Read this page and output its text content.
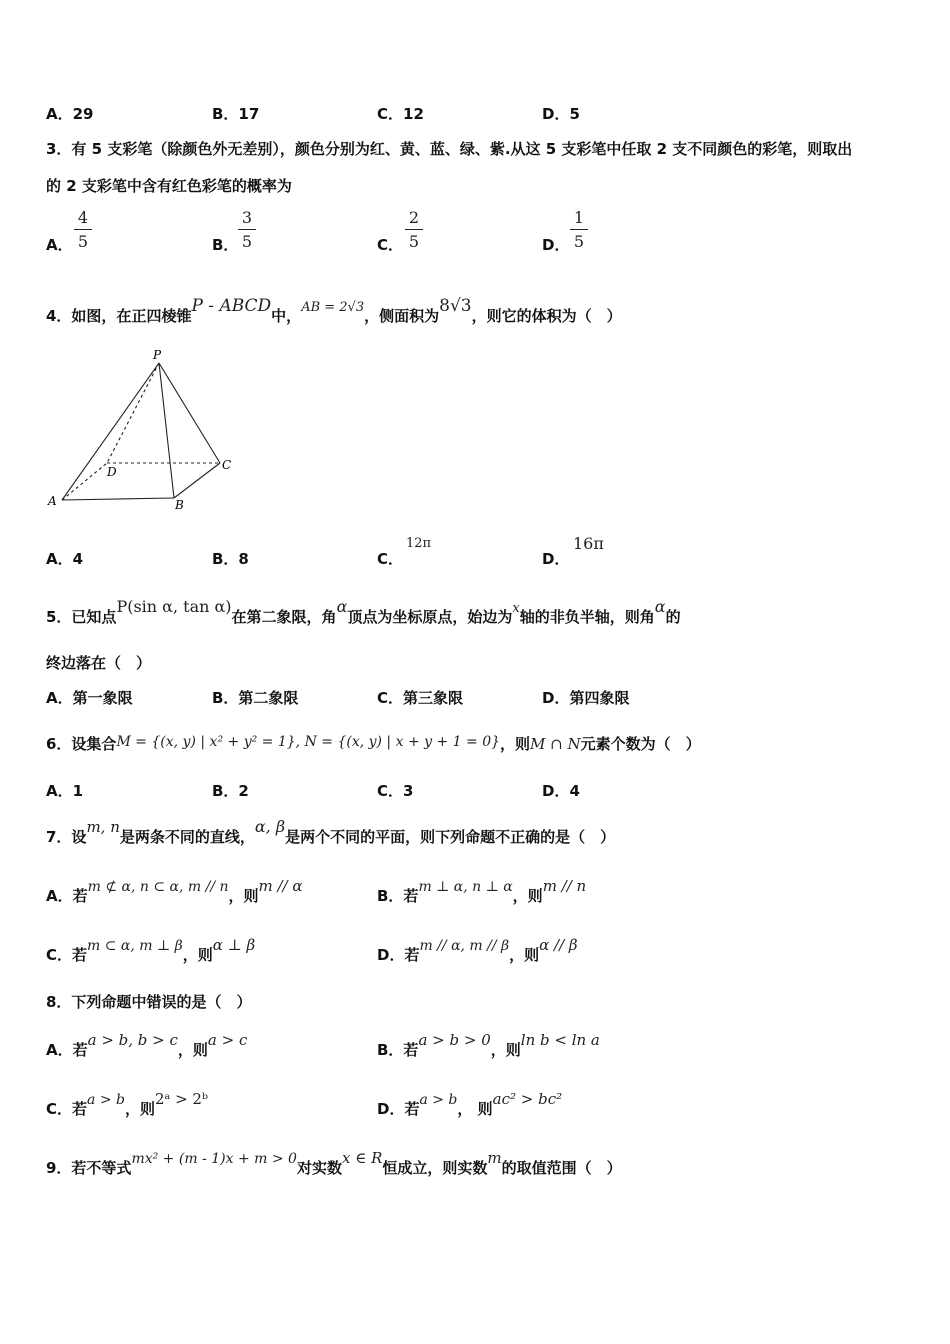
A．29	B．17	C．12	D．5
3．有 5 支彩笔（除颜色外无差别），颜色分别为红、黄、蓝、绿、紫.从这 5 支彩笔中任取 2 支不同颜色的彩笔，则取出
的 2 支彩笔中含有红色彩笔的概率为
A．
4
5	B．
3
5	C．
2
5	D．
1
5
4．如图，在正四棱锥P - ABCD中，AB = 2√3，侧面积为8√3，则它的体积为（　）
P
A	B
C
D
A．4	B．8	C．
12π
D．
16π
5．已知点P(sin α, tan α)在第二象限，角α顶点为坐标原点，始边为x轴的非负半轴，则角α的
终边落在（　）
A．第一象限	B．第二象限	C．第三象限	D．第四象限
6．设集合M = {(x, y) | x² + y² = 1}, N = {(x, y) | x + y + 1 = 0}，则M ∩ N元素个数为（　）
A．1	B．2	C．3	D．4
7．设m, n是两条不同的直线，α, β是两个不同的平面，则下列命题不正确的是（　）
A．若m ⊄ α, n ⊂ α, m // n，则m // α
B．若m ⊥ α, n ⊥ α，则m // n
C．若m ⊂ α, m ⊥ β，则α ⊥ β
D．若m // α, m // β，则α // β
8．下列命题中错误的是（　）
A．若a > b, b > c，则a > c
B．若a > b > 0，则ln b < ln a
C．若a > b，则2ᵃ > 2ᵇ
D．若a > b， 则ac² > bc²
9．若不等式mx² + (m - 1)x + m > 0对实数x ∈ R恒成立，则实数m的取值范围（　）
